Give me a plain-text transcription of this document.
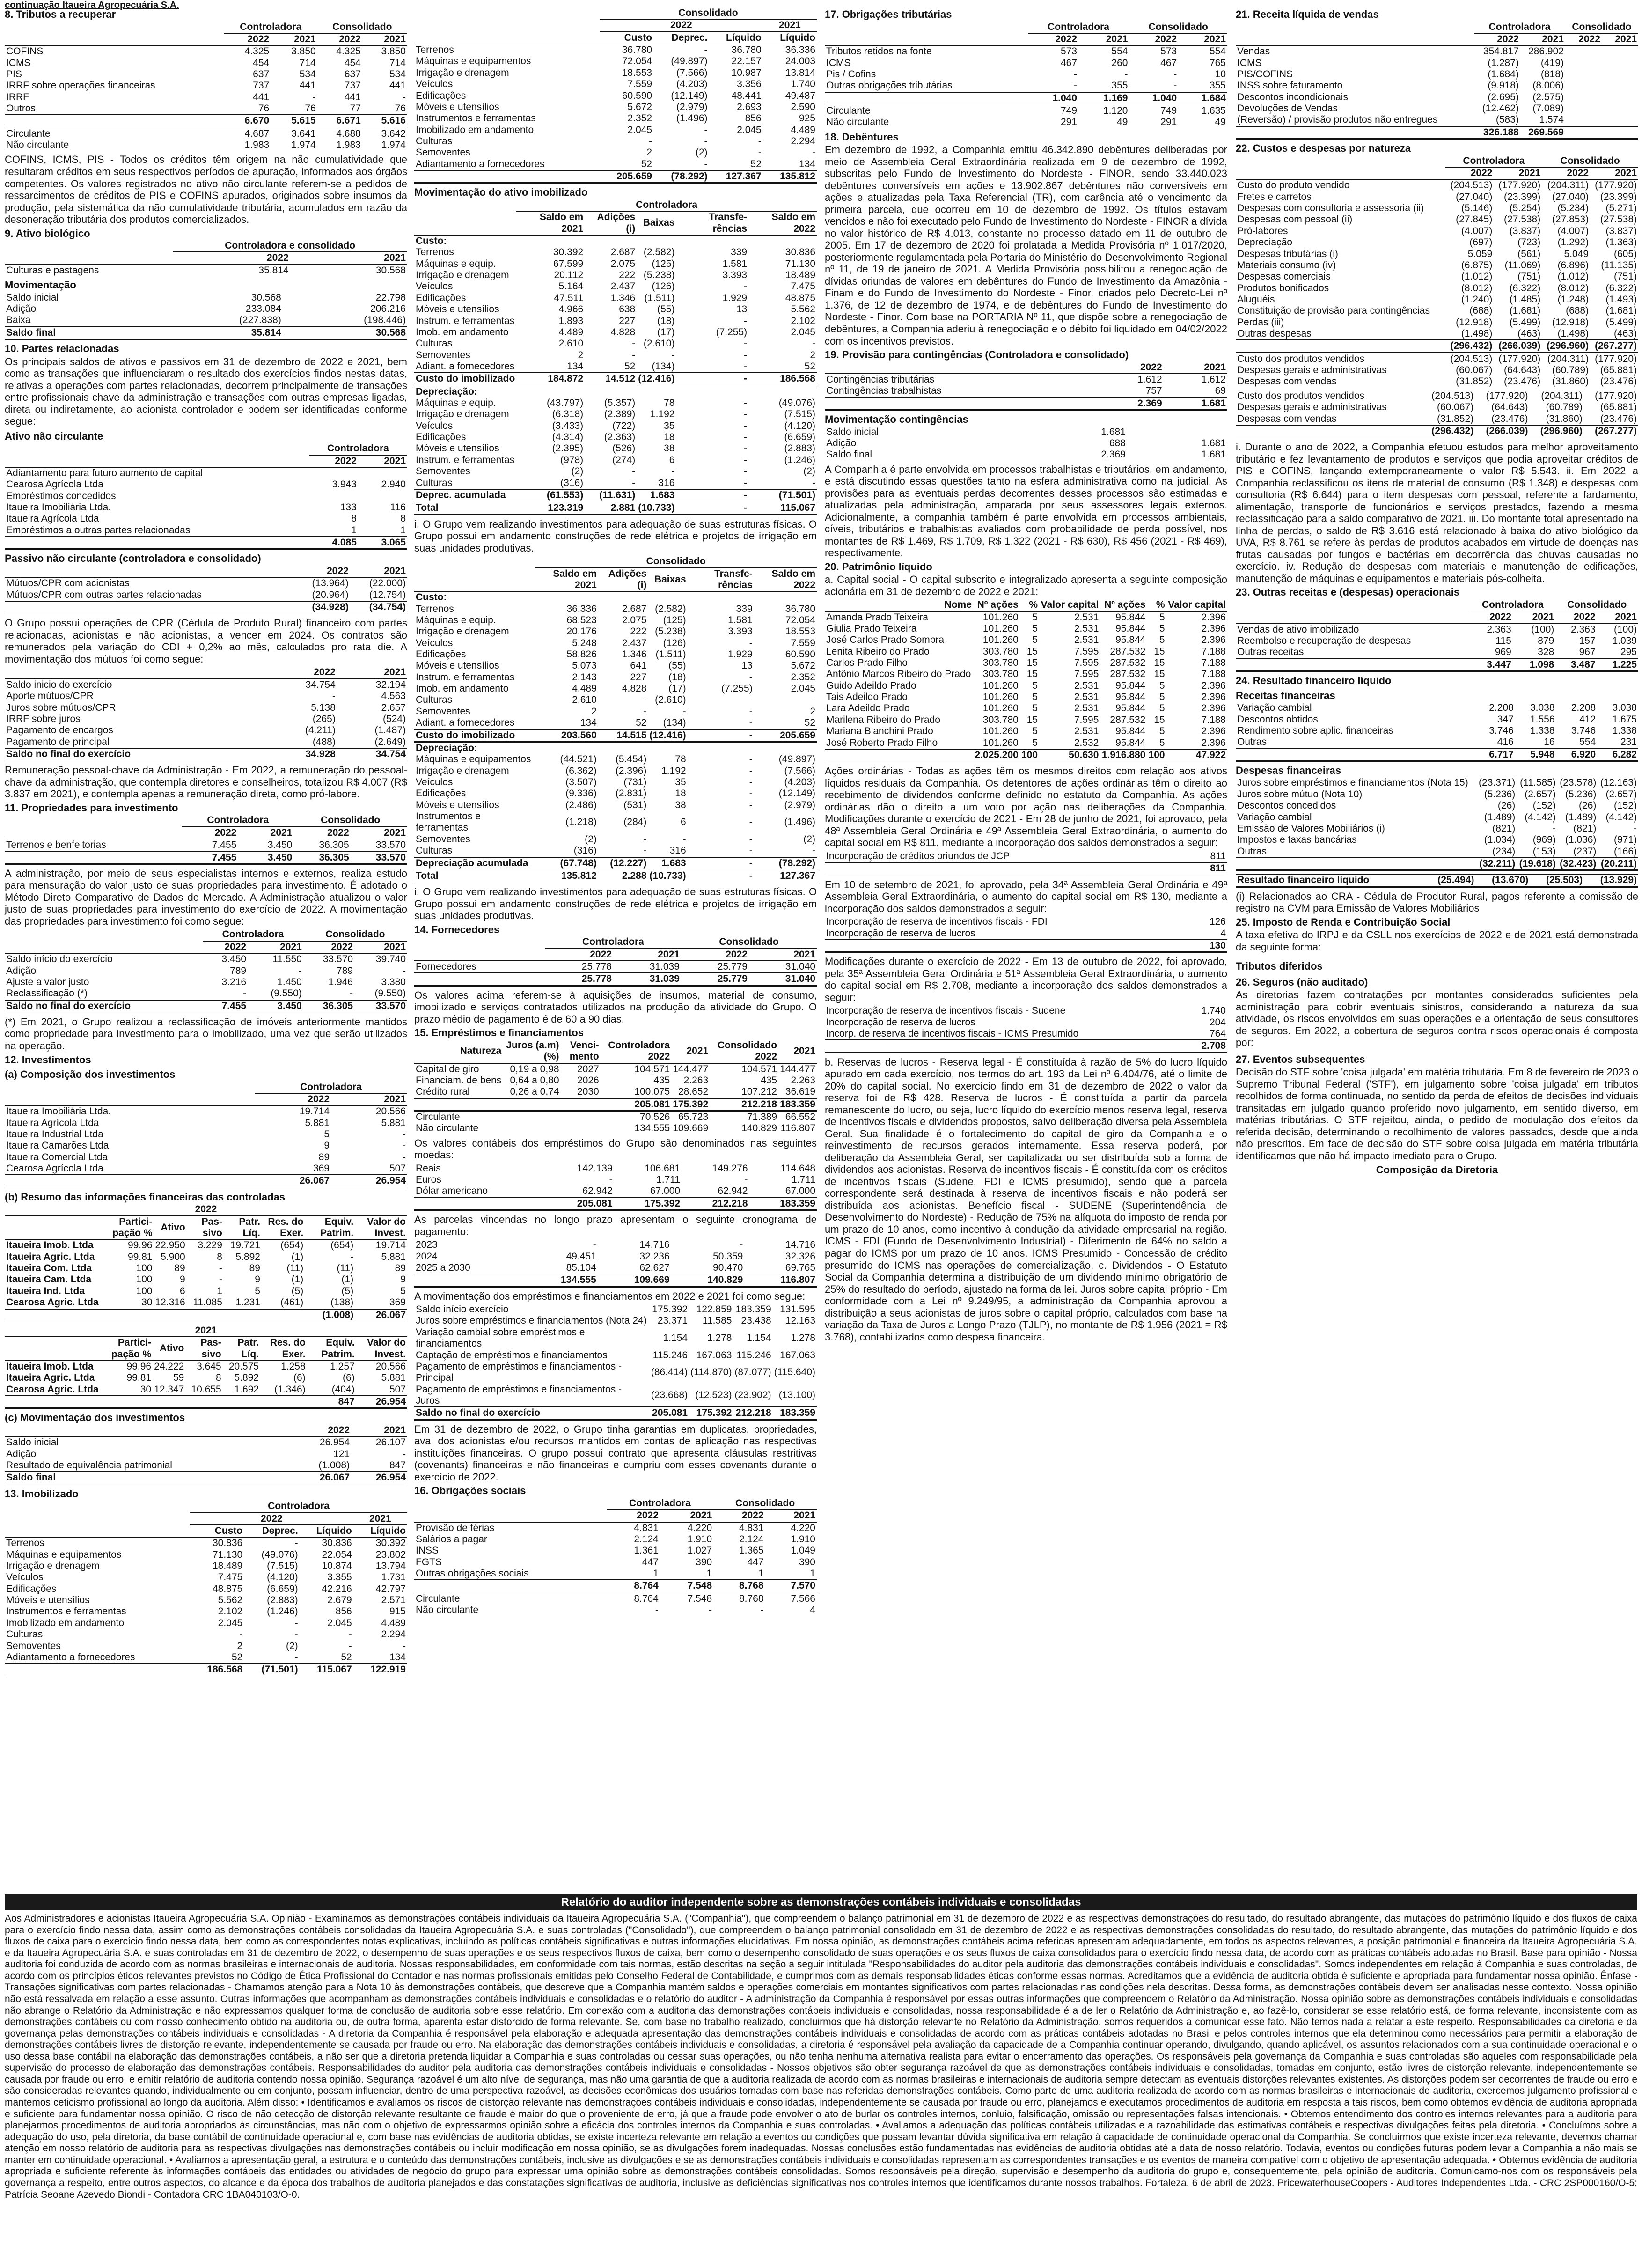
continuação Itaueira Agropecuária S.A.
8. Tributos a recuperar
	Controladora		Consolidado	
	2022	2021	2022	2021
COFINS	4.325	3.850	4.325	3.850
ICMS	454	714	454	714
PIS	637	534	637	534
IRRF sobre operações financeiras	737	441	737	441
IRRF	441	-	441	-
Outros	76	76	77	76
	6.670	5.615	6.671	5.616
Circulante	4.687	3.641	4.688	3.642
Não circulante	1.983	1.974	1.983	1.974

COFINS, ICMS, PIS - Todos os créditos têm origem na não cumulatividade que resultaram créditos em seus respectivos períodos de apuração, informados aos órgãos competentes. Os valores registrados no ativo não circulante referem-se a pedidos de ressarcimentos de créditos de PIS e COFINS apurados, originados sobre insumos da produção, pela sistemática da não cumulatividade tributária, acumulados em razão da desoneração tributária dos produtos comercializados.

9. Ativo biológico
	Controladora e consolidado	
	2022	2021
Culturas e pastagens	35.814	30.568
Movimentação
Saldo inicial	30.568	22.798
Adição	233.084	206.216
Baixa	(227.838)	(198.446)
Saldo final	35.814	30.568
10. Partes relacionadas

Os principais saldos de ativos e passivos em 31 de dezembro de 2022 e 2021, bem como as transações que influenciaram o resultado dos exercícios findos nestas datas, relativas a operações com partes relacionadas, decorrem principalmente de transações entre profissionais-chave da administração e transações com outras empresas ligadas, direta ou indiretamente, ao acionista controlador e podem ser identificadas conforme segue:

Ativo não circulante
	Controladora	
	2022	2021
Adiantamento para futuro aumento de capital		
Cearosa Agrícola Ltda	3.943	2.940
Empréstimos concedidos		
Itaueira Imobiliária Ltda.	133	116
Itaueira Agrícola Ltda	8	8
Empréstimos a outras partes relacionadas	1	1
	4.085	3.065
Passivo não circulante (controladora e consolidado)
	2022	2021
Mútuos/CPR com acionistas	(13.964)	(22.000)
Mútuos/CPR com outras partes relacionadas	(20.964)	(12.754)
	(34.928)	(34.754)

O Grupo possui operações de CPR (Cédula de Produto Rural) financeiro com partes relacionadas, acionistas e não acionistas, a vencer em 2024. Os contratos são remunerados pela variação do CDI + 0,2% ao mês, calculados pro rata die. A movimentação dos mútuos foi como segue:

	2022	2021
Saldo inicio do exercício	34.754	32.194
Aporte mútuos/CPR	-	4.563
Juros sobre mútuos/CPR	5.138	2.657
IRRF sobre juros	(265)	(524)
Pagamento de encargos	(4.211)	(1.487)
Pagamento de principal	(488)	(2.649)
Saldo no final do exercício	34.928	34.754

Remuneração pessoal-chave da Administração - Em 2022, a remuneração do pessoal-chave da administração, que contempla diretores e conselheiros, totalizou R$ 4.007 (R$ 3.837 em 2021), e contempla apenas a remuneração direta, como pró-labore.

11. Propriedades para investimento
	Controladora		Consolidado	
	2022	2021	2022	2021
Terrenos e benfeitorias	7.455	3.450	36.305	33.570
	7.455	3.450	36.305	33.570

A administração, por meio de seus especialistas internos e externos, realiza estudo para mensuração do valor justo de suas propriedades para investimento. É adotado o Método Direto Comparativo de Dados de Mercado. A Administração atualizou o valor justo de suas propriedades para investimento do exercício de 2022. A movimentação das propriedades para investimento foi como segue:

	Controladora		Consolidado	
	2022	2021	2022	2021
Saldo início do exercício	3.450	11.550	33.570	39.740
Adição	789	-	789	-
Ajuste a valor justo	3.216	1.450	1.946	3.380
Reclassificação (*)	-	(9.550)	-	(9.550)
Saldo no final do exercício	7.455	3.450	36.305	33.570

(*) Em 2021, o Grupo realizou a reclassificação de imóveis anteriormente mantidos como propriedade para investimento para o imobilizado, uma vez que serão utilizados na operação.

12. Investimentos
(a) Composição dos investimentos
	Controladora	
	2022	2021
Itaueira Imobiliária Ltda.	19.714	20.566
Itaueira Agrícola Ltda	5.881	5.881
Itaueira Industrial Ltda	5	-
Itaueira Camarões Ltda	9	-
Itaueira Comercial Ltda	89	-
Cearosa Agrícola Ltda	369	507
	26.067	26.954
(b) Resumo das informações financeiras das controladas
2022							
	Partici-pação %	Ativo	Pas-sivo	Patr. Líq.	Res. do Exer.	Equiv. Patrim.	Valor do Invest.
Itaueira Imob. Ltda	99.96	22.950	3.229	19.721	(654)	(654)	19.714
Itaueira Agric. Ltda	99.81	5.900	8	5.892	(1)	-	5.881
Itaueira Com. Ltda	100	89	-	89	(11)	(11)	89
Itaueira Cam. Ltda	100	9	-	9	(1)	(1)	9
Itaueira Ind. Ltda	100	6	1	5	(5)	(5)	5
Cearosa Agric. Ltda	30	12.316	11.085	1.231	(461)	(138)	369
						(1.008)	26.067
2021							
	Partici-pação %	Ativo	Pas-sivo	Patr. Líq.	Res. do Exer.	Equiv. Patrim.	Valor do Invest.
Itaueira Imob. Ltda	99.96	24.222	3.645	20.575	1.258	1.257	20.566
Itaueira Agric. Ltda	99.81	59	8	5.892	(6)	(6)	5.881
Cearosa Agric. Ltda	30	12.347	10.655	1.692	(1.346)	(404)	507
						847	26.954
(c) Movimentação dos investimentos
	2022	2021
Saldo inicial	26.954	26.107
Adição	121	-
Resultado de equivalência patrimonial	(1.008)	847
Saldo final	26.067	26.954
13. Imobilizado
	Controladora			
	2022			2021
	Custo	Deprec.	Líquido	Líquido
Terrenos	30.836	-	30.836	30.392
Máquinas e equipamentos	71.130	(49.076)	22.054	23.802
Irrigação e drenagem	18.489	(7.515)	10.874	13.794
Veículos	7.475	(4.120)	3.355	1.731
Edificações	48.875	(6.659)	42.216	42.797
Móveis e utensílios	5.562	(2.883)	2.679	2.571
Instrumentos e ferramentas	2.102	(1.246)	856	915
Imobilizado em andamento	2.045	-	2.045	4.489
Culturas	-	-	-	2.294
Semoventes	2	(2)	-	-
Adiantamento a fornecedores	52	-	52	134
	186.568	(71.501)	115.067	122.919
	Consolidado			
	2022			2021
	Custo	Deprec.	Líquido	Líquido
Terrenos	36.780	-	36.780	36.336
Máquinas e equipamentos	72.054	(49.897)	22.157	24.003
Irrigação e drenagem	18.553	(7.566)	10.987	13.814
Veículos	7.559	(4.203)	3.356	1.740
Edificações	60.590	(12.149)	48.441	49.487
Móveis e utensílios	5.672	(2.979)	2.693	2.590
Instrumentos e ferramentas	2.352	(1.496)	856	925
Imobilizado em andamento	2.045	-	2.045	4.489
Culturas	-	-	-	2.294
Semoventes	2	(2)	-	-
Adiantamento a fornecedores	52	-	52	134
	205.659	(78.292)	127.367	135.812
Movimentação do ativo imobilizado
	Controladora				
	Saldo em 2021	Adições (i)	Baixas	Transfe-rências	Saldo em 2022
Custo:					
Terrenos	30.392	2.687	(2.582)	339	30.836
Máquinas e equip.	67.599	2.075	(125)	1.581	71.130
Irrigação e drenagem	20.112	222	(5.238)	3.393	18.489
Veículos	5.164	2.437	(126)	-	7.475
Edificações	47.511	1.346	(1.511)	1.929	48.875
Móveis e utensílios	4.966	638	(55)	13	5.562
Instrum. e ferramentas	1.893	227	(18)	-	2.102
Imob. em andamento	4.489	4.828	(17)	(7.255)	2.045
Culturas	2.610	-	(2.610)	-	-
Semoventes	2	-	-	-	2
Adiant. a fornecedores	134	52	(134)	-	52
Custo do imobilizado	184.872	14.512	(12.416)	-	186.568
Depreciação:					
Máquinas e equip.	(43.797)	(5.357)	78	-	(49.076)
Irrigação e drenagem	(6.318)	(2.389)	1.192	-	(7.515)
Veículos	(3.433)	(722)	35	-	(4.120)
Edificações	(4.314)	(2.363)	18	-	(6.659)
Móveis e utensílios	(2.395)	(526)	38	-	(2.883)
Instrum. e ferramentas	(978)	(274)	6	-	(1.246)
Semoventes	(2)	-	-	-	(2)
Culturas	(316)	-	316	-	-
Deprec. acumulada	(61.553)	(11.631)	1.683	-	(71.501)
Total	123.319	2.881	(10.733)	-	115.067

i. O Grupo vem realizando investimentos para adequação de suas estruturas físicas. O Grupo possui em andamento construções de rede elétrica e projetos de irrigação em suas unidades produtivas.

	Consolidado				
	Saldo em 2021	Adições (i)	Baixas	Transfe-rências	Saldo em 2022
Custo:					
Terrenos	36.336	2.687	(2.582)	339	36.780
Máquinas e equip.	68.523	2.075	(125)	1.581	72.054
Irrigação e drenagem	20.176	222	(5.238)	3.393	18.553
Veículos	5.248	2.437	(126)	-	7.559
Edificações	58.826	1.346	(1.511)	1.929	60.590
Móveis e utensílios	5.073	641	(55)	13	5.672
Instrum. e ferramentas	2.143	227	(18)	-	2.352
Imob. em andamento	4.489	4.828	(17)	(7.255)	2.045
Culturas	2.610	-	(2.610)	-	-
Semoventes	2	-	-	-	2
Adiant. a fornecedores	134	52	(134)	-	52
Custo do imobilizado	203.560	14.515	(12.416)	-	205.659
Depreciação:					
Máquinas e equipamentos	(44.521)	(5.454)	78	-	(49.897)
Irrigação e drenagem	(6.362)	(2.396)	1.192	-	(7.566)
Veículos	(3.507)	(731)	35	-	(4.203)
Edificações	(9.336)	(2.831)	18	-	(12.149)
Móveis e utensílios	(2.486)	(531)	38	-	(2.979)
Instrumentos e ferramentas	(1.218)	(284)	6	-	(1.496)
Semoventes	(2)	-	-	-	(2)
Culturas	(316)	-	316	-	-
Depreciação acumulada	(67.748)	(12.227)	1.683	-	(78.292)
Total	135.812	2.288	(10.733)	-	127.367

i. O Grupo vem realizando investimentos para adequação de suas estruturas físicas. O Grupo possui em andamento construções de rede elétrica e projetos de irrigação em suas unidades produtivas.

14. Fornecedores
	Controladora		Consolidado	
	2022	2021	2022	2021
Fornecedores	25.778	31.039	25.779	31.040
	25.778	31.039	25.779	31.040

Os valores acima referem-se à aquisições de insumos, material de consumo, imobilizado e serviços contratados utilizados na produção da atividade do Grupo. O prazo médio de pagamento é de 60 a 90 dias.

15. Empréstimos e financiamentos
Natureza	Juros (a.m) (%)	Venci-mento	Controladora 2022	2021	Consolidado 2022	2021
Capital de giro	0,19 a 0,98	2027	104.571	144.477	104.571	144.477
Financiam. de bens	0,64 a 0,80	2026	435	2.263	435	2.263
Crédito rural	0,26 a 0,74	2030	100.075	28.652	107.212	36.619
			205.081	175.392	212.218	183.359
Circulante			70.526	65.723	71.389	66.552
Não circulante			134.555	109.669	140.829	116.807

Os valores contábeis dos empréstimos do Grupo são denominados nas seguintes moedas:

Reais	142.139	106.681	149.276	114.648
Euros	-	1.711	-	1.711
Dólar americano	62.942	67.000	62.942	67.000
	205.081	175.392	212.218	183.359

As parcelas vincendas no longo prazo apresentam o seguinte cronograma de pagamento:

2023	-	14.716	-	14.716
2024	49.451	32.236	50.359	32.326
2025 a 2030	85.104	62.627	90.470	69.765
	134.555	109.669	140.829	116.807

A movimentação dos empréstimos e financiamentos em 2022 e 2021 foi como segue:

Saldo início exercício	175.392	122.859	183.359	131.595
Juros sobre empréstimos e financiamentos (Nota 24)	23.371	11.585	23.438	12.163
Variação cambial sobre empréstimos e financiamentos	1.154	1.278	1.154	1.278
Captação de empréstimos e financiamentos	115.246	167.063	115.246	167.063
Pagamento de empréstimos e financiamentos - Principal	(86.414)	(114.870)	(87.077)	(115.640)
Pagamento de empréstimos e financiamentos - Juros	(23.668)	(12.523)	(23.902)	(13.100)
Saldo no final do exercício	205.081	175.392	212.218	183.359

Em 31 de dezembro de 2022, o Grupo tinha garantias em duplicatas, propriedades, aval dos acionistas e/ou recursos mantidos em contas de aplicação nas respectivas instituições financeiras. O grupo possui contrato que apresenta cláusulas restritivas (covenants) financeiras e não financeiras e cumpriu com esses covenants durante o exercício de 2022.

16. Obrigações sociais
	Controladora		Consolidado	
	2022	2021	2022	2021
Provisão de férias	4.831	4.220	4.831	4.220
Salários a pagar	2.124	1.910	2.124	1.910
INSS	1.361	1.027	1.365	1.049
FGTS	447	390	447	390
Outras obrigações sociais	1	1	1	1
	8.764	7.548	8.768	7.570
Circulante	8.764	7.548	8.768	7.566
Não circulante	-	-	-	4
17. Obrigações tributárias
	Controladora		Consolidado	
	2022	2021	2022	2021
Tributos retidos na fonte	573	554	573	554
ICMS	467	260	467	765
Pis / Cofins	-	-	-	10
Outras obrigações tributárias	-	355	-	355
	1.040	1.169	1.040	1.684
Circulante	749	1.120	749	1.635
Não circulante	291	49	291	49
18. Debêntures

Em dezembro de 1992, a Companhia emitiu 46.342.890 debêntures deliberadas por meio de Assembleia Geral Extraordinária realizada em 9 de dezembro de 1992, subscritas pelo Fundo de Investimento do Nordeste - FINOR, sendo 33.440.023 debêntures conversíveis em ações e 13.902.867 debêntures não conversíveis em ações e atualizadas pela Taxa Referencial (TR), com carência até o vencimento da primeira parcela, que ocorreu em 10 de dezembro de 1992. Os títulos estavam vencidos e não foi executado pelo Fundo de Investimento do Nordeste - FINOR a dívida no valor histórico de R$ 4.013, constante no processo datado em 11 de outubro de 2005. Em 17 de dezembro de 2020 foi prolatada a Medida Provisória nº 1.017/2020, posteriormente regulamentada pela Portaria do Ministério do Desenvolvimento Regional nº 11, de 19 de janeiro de 2021. A Medida Provisória possibilitou a renegociação de dívidas oriundas de valores em debêntures do Fundo de Investimento da Amazônia - Finam e do Fundo de Investimento do Nordeste - Finor, criados pelo Decreto-Lei nº 1.376, de 12 de dezembro de 1974, e de debêntures do Fundo de Investimento do Nordeste - Finor. Com base na PORTARIA Nº 11, que dispõe sobre a renegociação de debêntures, a Companhia aderiu à renegociação e o débito foi liquidado em 04/02/2022 com os incentivos previstos.

19. Provisão para contingências (Controladora e consolidado)
	2022	2021
Contingências tributárias	1.612	1.612
Contingências trabalhistas	757	69
	2.369	1.681
Movimentação contingências
Saldo inicial	1.681	
Adição	688	1.681
Saldo final	2.369	1.681

A Companhia é parte envolvida em processos trabalhistas e tributários, em andamento, e está discutindo essas questões tanto na esfera administrativa como na judicial. As provisões para as eventuais perdas decorrentes desses processos são estimadas e atualizadas pela administração, amparada por seus assessores legais externos. Adicionalmente, a companhia também é parte envolvida em processos ambientais, cíveis, tributários e trabalhistas avaliados com probabilidade de perda possível, nos montantes de R$ 1.469, R$ 1.709, R$ 1.322 (2021 - R$ 630), R$ 456 (2021 - R$ 469), respectivamente.

20. Patrimônio líquido

a. Capital social - O capital subscrito e integralizado apresenta a seguinte composição acionária em 31 de dezembro de 2022 e 2021:

Nome	Nº ações	%	Valor capital	Nº ações	%	Valor capital
Amanda Prado Teixeira	101.260	5	2.531	95.844	5	2.396
Giulia Prado Teixeira	101.260	5	2.531	95.844	5	2.396
José Carlos Prado Sombra	101.260	5	2.531	95.844	5	2.396
Lenita Ribeiro do Prado	303.780	15	7.595	287.532	15	7.188
Carlos Prado Filho	303.780	15	7.595	287.532	15	7.188
Antônio Marcos Ribeiro do Prado	303.780	15	7.595	287.532	15	7.188
Guido Adeildo Prado	101.260	5	2.531	95.844	5	2.396
Tais Adeildo Prado	101.260	5	2.531	95.844	5	2.396
Lara Adeildo Prado	101.260	5	2.531	95.844	5	2.396
Marilena Ribeiro do Prado	303.780	15	7.595	287.532	15	7.188
Mariana Bianchini Prado	101.260	5	2.531	95.844	5	2.396
José Roberto Prado Filho	101.260	5	2.532	95.844	5	2.396
	2.025.200	100	50.630	1.916.880	100	47.922

Ações ordinárias - Todas as ações têm os mesmos direitos com relação aos ativos líquidos residuais da Companhia. Os detentores de ações ordinárias têm o direito ao recebimento de dividendos conforme definido no estatuto da Companhia. As ações ordinárias dão o direito a um voto por ação nas deliberações da Companhia. Modificações durante o exercício de 2021 - Em 28 de junho de 2021, foi aprovado, pela 48ª Assembleia Geral Ordinária e 49ª Assembleia Geral Extraordinária, o aumento do capital social em R$ 811, mediante a incorporação dos saldos demonstrados a seguir:

Incorporação de créditos oriundos de JCP	811
	811

Em 10 de setembro de 2021, foi aprovado, pela 34ª Assembleia Geral Ordinária e 49ª Assembleia Geral Extraordinária, o aumento do capital social em R$ 130, mediante a incorporação dos saldos demonstrados a seguir:

Incorporação de reserva de incentivos fiscais - FDI	126
Incorporação de reserva de lucros	4
	130

Modificações durante o exercício de 2022 - Em 13 de outubro de 2022, foi aprovado, pela 35ª Assembleia Geral Ordinária e 51ª Assembleia Geral Extraordinária, o aumento do capital social em R$ 2.708, mediante a incorporação dos saldos demonstrados a seguir:

Incorporação de reserva de incentivos fiscais - Sudene	1.740
Incorporação de reserva de lucros	204
Incorp. de reserva de incentivos fiscais - ICMS Presumido	764
	2.708

b. Reservas de lucros - Reserva legal - É constituída à razão de 5% do lucro líquido apurado em cada exercício, nos termos do art. 193 da Lei nº 6.404/76, até o limite de 20% do capital social. No exercício findo em 31 de dezembro de 2022 o valor da reserva foi de R$ 428. Reserva de lucros - É constituída a partir da parcela remanescente do lucro, ou seja, lucro líquido do exercício menos reserva legal, reserva de incentivos fiscais e dividendos propostos, salvo deliberação diversa pela Assembleia Geral. Sua finalidade é o fortalecimento do capital de giro da Companhia e o reinvestimento de recursos gerados internamente. Essa reserva poderá, por deliberação da Assembleia Geral, ser capitalizada ou ser distribuída sob a forma de dividendos aos acionistas. Reserva de incentivos fiscais - É constituída com os créditos de incentivos fiscais (Sudene, FDI e ICMS presumido), sendo que a parcela correspondente será destinada à reserva de incentivos fiscais e não poderá ser distribuída aos acionistas. Benefício fiscal - SUDENE (Superintendência de Desenvolvimento do Nordeste) - Redução de 75% na alíquota do imposto de renda por um prazo de 10 anos, como incentivo à condução da atividade empresarial na região. ICMS - FDI (Fundo de Desenvolvimento Industrial) - Diferimento de 64% no saldo a pagar do ICMS por um prazo de 10 anos. ICMS Presumido - Concessão de crédito presumido do ICMS nas operações de comercialização. c. Dividendos - O Estatuto Social da Companhia determina a distribuição de um dividendo mínimo obrigatório de 25% do resultado do período, ajustado na forma da lei. Juros sobre capital próprio - Em conformidade com a Lei nº 9.249/95, a administração da Companhia aprovou a distribuição a seus acionistas de juros sobre o capital próprio, calculados com base na variação da Taxa de Juros a Longo Prazo (TJLP), no montante de R$ 1.956 (2021 = R$ 3.768), contabilizados como despesa financeira.

21. Receita líquida de vendas
	Controladora		Consolidado	
	2022	2021	2022	2021
Vendas	354.817	286.902		
ICMS	(1.287)	(419)		
PIS/COFINS	(1.684)	(818)		
INSS sobre faturamento	(9.918)	(8.006)		
Descontos incondicionais	(2.695)	(2.575)		
Devoluções de Vendas	(12.462)	(7.089)		
(Reversão) / provisão produtos não entregues	(583)	1.574		
	326.188	269.569		
22. Custos e despesas por natureza
	Controladora		Consolidado	
	2022	2021	2022	2021
Custo do produto vendido	(204.513)	(177.920)	(204.311)	(177.920)
Fretes e carretos	(27.040)	(23.399)	(27.040)	(23.399)
Despesas com consultoria e assessoria (ii)	(5.146)	(5.254)	(5.234)	(5.271)
Despesas com pessoal (ii)	(27.845)	(27.538)	(27.853)	(27.538)
Pró-labores	(4.007)	(3.837)	(4.007)	(3.837)
Depreciação	(697)	(723)	(1.292)	(1.363)
Despesas tributárias (i)	5.059	(561)	5.049	(605)
Materiais consumo (iv)	(6.875)	(11.069)	(6.896)	(11.135)
Despesas comerciais	(1.012)	(751)	(1.012)	(751)
Produtos bonificados	(8.012)	(6.322)	(8.012)	(6.322)
Aluguéis	(1.240)	(1.485)	(1.248)	(1.493)
Constituição de provisão para contingências	(688)	(1.681)	(688)	(1.681)
Perdas (iii)	(12.918)	(5.499)	(12.918)	(5.499)
Outras despesas	(1.498)	(463)	(1.498)	(463)
	(296.432)	(266.039)	(296.960)	(267.277)
Custo dos produtos vendidos	(204.513)	(177.920)	(204.311)	(177.920)
Despesas gerais e administrativas	(60.067)	(64.643)	(60.789)	(65.881)
Despesas com vendas	(31.852)	(23.476)	(31.860)	(23.476)
Custo dos produtos vendidos	(204.513)	(177.920)	(204.311)	(177.920)
Despesas gerais e administrativas	(60.067)	(64.643)	(60.789)	(65.881)
Despesas com vendas	(31.852)	(23.476)	(31.860)	(23.476)
	(296.432)	(266.039)	(296.960)	(267.277)

i. Durante o ano de 2022, a Companhia efetuou estudos para melhor aproveitamento tributário e fez levantamento de produtos e serviços que podia aproveitar créditos de PIS e COFINS, lançando extemporaneamente o valor R$ 5.543. ii. Em 2022 a Companhia reclassificou os itens de material de consumo (R$ 1.348) e despesas com consultoria (R$ 6.644) para o item despesas com pessoal, referente a fardamento, alimentação, transporte de funcionários e serviços prestados, fazendo a mesma reclassificação para a saldo comparativo de 2021. iii. Do montante total apresentado na linha de perdas, o saldo de R$ 3.616 está relacionado à baixa do ativo biológico da UVA, R$ 8.761 se refere às perdas de produtos acabados em virtude de doenças nas frutas causadas por fungos e bactérias em decorrência das chuvas causadas no exercício. iv. Redução de despesas com materiais e manutenção de edificações, manutenção de máquinas e equipamentos e materiais pós-colheita.

23. Outras receitas e (despesas) operacionais
	Controladora		Consolidado	
	2022	2021	2022	2021
Vendas de ativo imobilizado	2.363	(100)	2.363	(100)
Reembolso e recuperação de despesas	115	879	157	1.039
Outras receitas	969	328	967	295
	3.447	1.098	3.487	1.225
24. Resultado financeiro líquido
Receitas financeiras
Variação cambial	2.208	3.038	2.208	3.038
Descontos obtidos	347	1.556	412	1.675
Rendimento sobre aplic. financeiras	3.746	1.338	3.746	1.338
Outras	416	16	554	231
	6.717	5.948	6.920	6.282
Despesas financeiras
Juros sobre empréstimos e financiamentos (Nota 15)	(23.371)	(11.585)	(23.578)	(12.163)
Juros sobre mútuo (Nota 10)	(5.236)	(2.657)	(5.236)	(2.657)
Descontos concedidos	(26)	(152)	(26)	(152)
Variação cambial	(1.489)	(4.142)	(1.489)	(4.142)
Emissão de Valores Mobiliários (i)	(821)	-	(821)	-
Impostos e taxas bancárias	(1.034)	(969)	(1.036)	(971)
Outras	(234)	(153)	(237)	(166)
	(32.211)	(19.618)	(32.423)	(20.211)
Resultado financeiro líquido	(25.494)	(13.670)	(25.503)	(13.929)

(i) Relacionados ao CRA - Cédula de Produtor Rural, pagos referente a comissão de registro na CVM para Emissão de Valores Mobiliários

25. Imposto de Renda e Contribuição Social

A taxa efetiva do IRPJ e da CSLL nos exercícios de 2022 e de 2021 está demonstrada da seguinte forma:

Tributos diferidos
26. Seguros (não auditado)

As diretorias fazem contratações por montantes considerados suficientes pela administração para cobrir eventuais sinistros, considerando a natureza da sua atividade, os riscos envolvidos em suas operações e a orientação de seus consultores de seguros. Em 2022, a cobertura de seguros contra riscos operacionais é composta por:

27. Eventos subsequentes

Decisão do STF sobre 'coisa julgada' em matéria tributária. Em 8 de fevereiro de 2023 o Supremo Tribunal Federal ('STF'), em julgamento sobre 'coisa julgada' em tributos recolhidos de forma continuada, no sentido da perda de efeitos de decisões individuais transitadas em julgado quando proferido novo julgamento, em sentido diverso, em matérias tributárias. O STF rejeitou, ainda, o pedido de modulação dos efeitos da referida decisão, determinando o recolhimento de valores passados, desde que ainda não prescritos. Em face de decisão do STF sobre coisa julgada em matéria tributária identificamos que não há impacto imediato para o Grupo.

Composição da Diretoria
Relatório do auditor independente sobre as demonstrações contábeis individuais e consolidadas
Aos Administradores e acionistas Itaueira Agropecuária S.A. Opinião - Examinamos as demonstrações contábeis individuais da Itaueira Agropecuária S.A. ("Companhia"), que compreendem o balanço patrimonial em 31 de dezembro de 2022 e as respectivas demonstrações do resultado, do resultado abrangente, das mutações do patrimônio líquido e dos fluxos de caixa para o exercício findo nessa data, assim como as demonstrações contábeis consolidadas da Itaueira Agropecuária S.A. e suas controladas ("Consolidado"), que compreendem o balanço patrimonial consolidado em 31 de dezembro de 2022 e as respectivas demonstrações consolidadas do resultado, do resultado abrangente, das mutações do patrimônio líquido e dos fluxos de caixa para o exercício findo nessa data, bem como as correspondentes notas explicativas, incluindo as políticas contábeis significativas e outras informações elucidativas. Em nossa opinião, as demonstrações contábeis acima referidas apresentam adequadamente, em todos os aspectos relevantes, a posição patrimonial e financeira da Itaueira Agropecuária S.A. e da Itaueira Agropecuária S.A. e suas controladas em 31 de dezembro de 2022, o desempenho de suas operações e os seus respectivos fluxos de caixa, bem como o desempenho consolidado de suas operações e os seus fluxos de caixa consolidados para o exercício findo nessa data, de acordo com as práticas contábeis adotadas no Brasil. Base para opinião - Nossa auditoria foi conduzida de acordo com as normas brasileiras e internacionais de auditoria. Nossas responsabilidades, em conformidade com tais normas, estão descritas na seção a seguir intitulada "Responsabilidades do auditor pela auditoria das demonstrações contábeis individuais e consolidadas". Somos independentes em relação à Companhia e suas controladas, de acordo com os princípios éticos relevantes previstos no Código de Ética Profissional do Contador e nas normas profissionais emitidas pelo Conselho Federal de Contabilidade, e cumprimos com as demais responsabilidades éticas conforme essas normas. Acreditamos que a evidência de auditoria obtida é suficiente e apropriada para fundamentar nossa opinião. Ênfase - Transações significativas com partes relacionadas - Chamamos atenção para a Nota 10 às demonstrações contábeis, que descreve que a Companhia mantém saldos e operações comerciais em montantes significativos com partes relacionadas nas condições nela descritas. Dessa forma, as demonstrações contábeis devem ser analisadas nesse contexto. Nossa opinião não está ressalvada em relação a esse assunto. Outras informações que acompanham as demonstrações contábeis individuais e consolidadas e o relatório do auditor - A administração da Companhia é responsável por essas outras informações que compreendem o Relatório da Administração. Nossa opinião sobre as demonstrações contábeis individuais e consolidadas não abrange o Relatório da Administração e não expressamos qualquer forma de conclusão de auditoria sobre esse relatório. Em conexão com a auditoria das demonstrações contábeis individuais e consolidadas, nossa responsabilidade é a de ler o Relatório da Administração e, ao fazê-lo, considerar se esse relatório está, de forma relevante, inconsistente com as demonstrações contábeis ou com nosso conhecimento obtido na auditoria ou, de outra forma, aparenta estar distorcido de forma relevante. Se, com base no trabalho realizado, concluirmos que há distorção relevante no Relatório da Administração, somos requeridos a comunicar esse fato. Não temos nada a relatar a este respeito. Responsabilidades da diretoria e da governança pelas demonstrações contábeis individuais e consolidadas - A diretoria da Companhia é responsável pela elaboração e adequada apresentação das demonstrações contábeis individuais e consolidadas de acordo com as práticas contábeis adotadas no Brasil e pelos controles internos que ela determinou como necessários para permitir a elaboração de demonstrações contábeis livres de distorção relevante, independentemente se causada por fraude ou erro. Na elaboração das demonstrações contábeis individuais e consolidadas, a diretoria é responsável pela avaliação da capacidade de a Companhia continuar operando, divulgando, quando aplicável, os assuntos relacionados com a sua continuidade operacional e o uso dessa base contábil na elaboração das demonstrações contábeis, a não ser que a diretoria pretenda liquidar a Companhia e suas controladas ou cessar suas operações, ou não tenha nenhuma alternativa realista para evitar o encerramento das operações. Os responsáveis pela governança da Companhia e suas controladas são aqueles com responsabilidade pela supervisão do processo de elaboração das demonstrações contábeis. Responsabilidades do auditor pela auditoria das demonstrações contábeis individuais e consolidadas - Nossos objetivos são obter segurança razoável de que as demonstrações contábeis individuais e consolidadas, tomadas em conjunto, estão livres de distorção relevante, independentemente se causada por fraude ou erro, e emitir relatório de auditoria contendo nossa opinião. Segurança razoável é um alto nível de segurança, mas não uma garantia de que a auditoria realizada de acordo com as normas brasileiras e internacionais de auditoria sempre detectam as eventuais distorções relevantes existentes. As distorções podem ser decorrentes de fraude ou erro e são consideradas relevantes quando, individualmente ou em conjunto, possam influenciar, dentro de uma perspectiva razoável, as decisões econômicas dos usuários tomadas com base nas referidas demonstrações contábeis. Como parte de uma auditoria realizada de acordo com as normas brasileiras e internacionais de auditoria, exercemos julgamento profissional e mantemos ceticismo profissional ao longo da auditoria. Além disso: • Identificamos e avaliamos os riscos de distorção relevante nas demonstrações contábeis individuais e consolidadas, independentemente se causada por fraude ou erro, planejamos e executamos procedimentos de auditoria em resposta a tais riscos, bem como obtemos evidência de auditoria apropriada e suficiente para fundamentar nossa opinião. O risco de não detecção de distorção relevante resultante de fraude é maior do que o proveniente de erro, já que a fraude pode envolver o ato de burlar os controles internos, conluio, falsificação, omissão ou representações falsas intencionais. • Obtemos entendimento dos controles internos relevantes para a auditoria para planejarmos procedimentos de auditoria apropriados às circunstâncias, mas não com o objetivo de expressarmos opinião sobre a eficácia dos controles internos da Companhia e suas controladas. • Avaliamos a adequação das políticas contábeis utilizadas e a razoabilidade das estimativas contábeis e respectivas divulgações feitas pela diretoria. • Concluímos sobre a adequação do uso, pela diretoria, da base contábil de continuidade operacional e, com base nas evidências de auditoria obtidas, se existe incerteza relevante em relação a eventos ou condições que possam levantar dúvida significativa em relação à capacidade de continuidade operacional da Companhia. Se concluirmos que existe incerteza relevante, devemos chamar atenção em nosso relatório de auditoria para as respectivas divulgações nas demonstrações contábeis ou incluir modificação em nossa opinião, se as divulgações forem inadequadas. Nossas conclusões estão fundamentadas nas evidências de auditoria obtidas até a data de nosso relatório. Todavia, eventos ou condições futuras podem levar a Companhia a não mais se manter em continuidade operacional. • Avaliamos a apresentação geral, a estrutura e o conteúdo das demonstrações contábeis, inclusive as divulgações e se as demonstrações contábeis individuais e consolidadas representam as correspondentes transações e os eventos de maneira compatível com o objetivo de apresentação adequada. • Obtemos evidência de auditoria apropriada e suficiente referente às informações contábeis das entidades ou atividades de negócio do grupo para expressar uma opinião sobre as demonstrações contábeis consolidadas. Somos responsáveis pela direção, supervisão e desempenho da auditoria do grupo e, consequentemente, pela opinião de auditoria. Comunicamo-nos com os responsáveis pela governança a respeito, entre outros aspectos, do alcance e da época dos trabalhos de auditoria planejados e das constatações significativas de auditoria, inclusive as deficiências significativas nos controles internos que identificamos durante nossos trabalhos. Fortaleza, 6 de abril de 2023. PricewaterhouseCoopers - Auditores Independentes Ltda. - CRC 2SP000160/O-5; Patrícia Seoane Azevedo Biondi - Contadora CRC 1BA040103/O-0.
